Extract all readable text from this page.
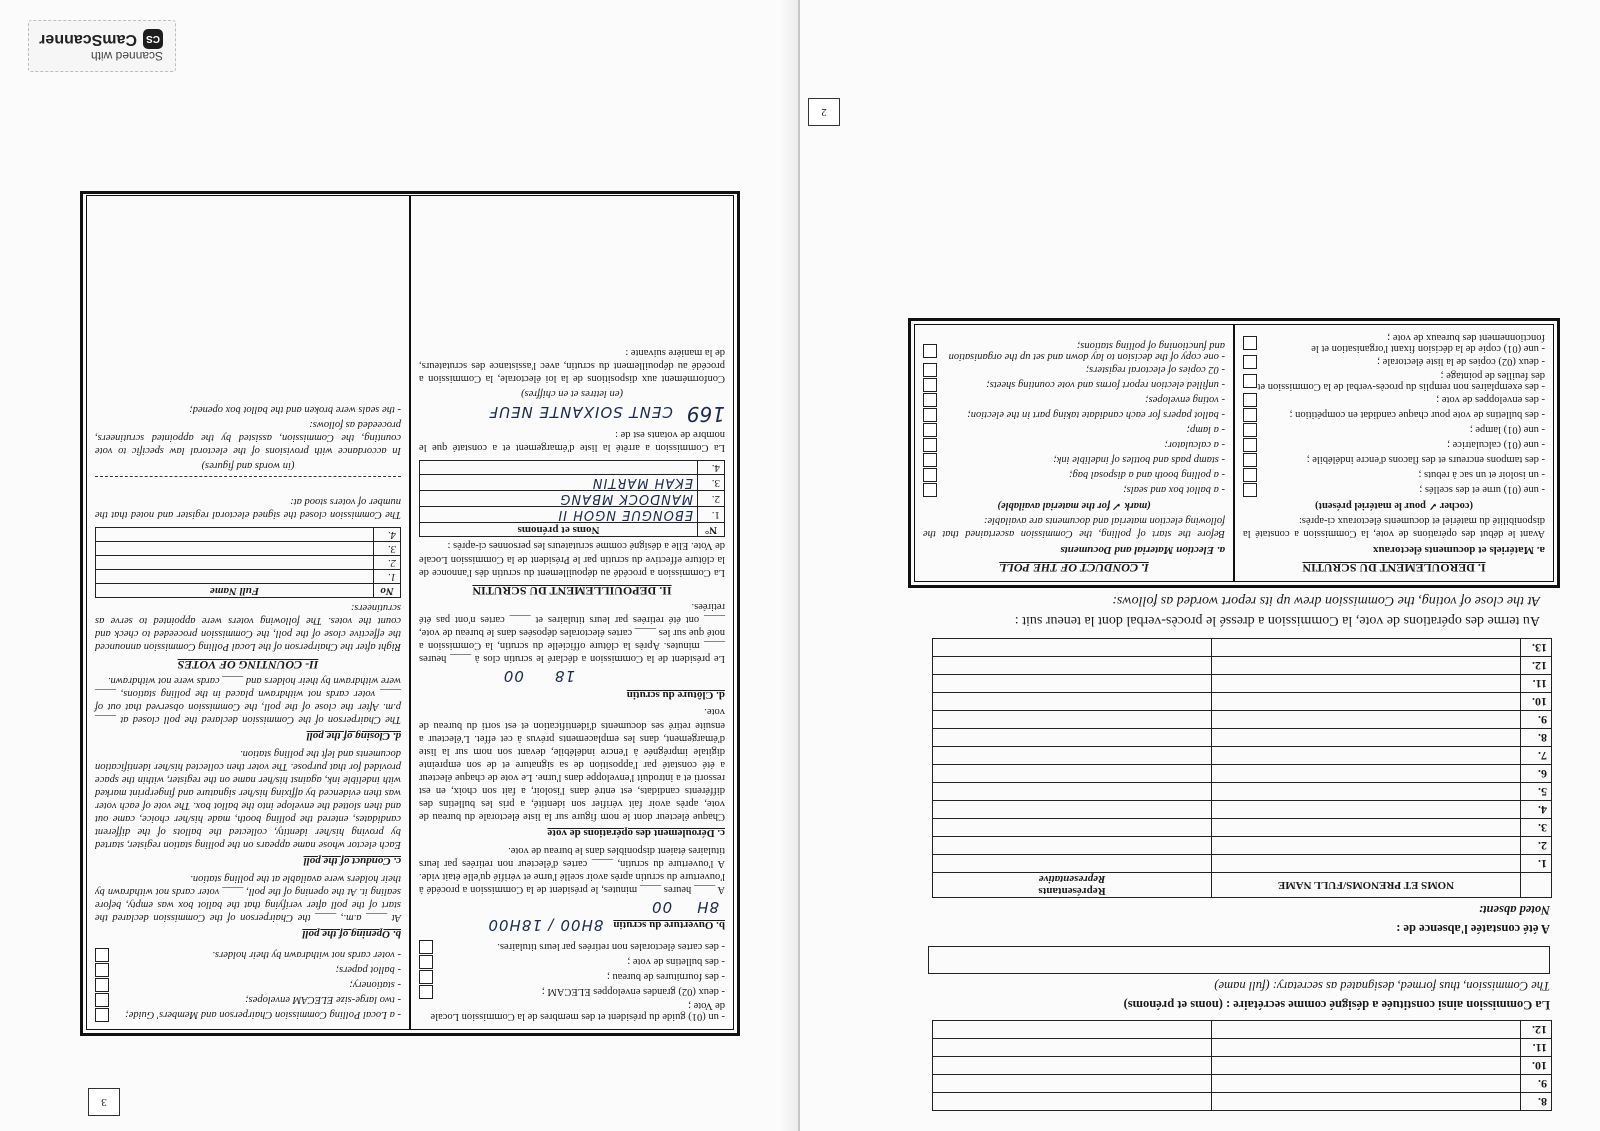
Scanned with
CS
CamScanner
8.		
9.		
10.		
11.		
12.		
La Commission ainsi constituée a désigné comme secrétaire : (noms et prénoms)
The Commission, thus formed, designated as secretary: (full name)
A été constatée l'absence de :
Noted absent:
	NOMS ET PRENOMS/FULL NAME	Représentants
Representative

1.		
2.		
3.		
4.		
5.		
6.		
7.		
8.		
9.		
10.		
11.		
12.		
13.		
Au terme des opérations de vote, la Commission a dressé le procès-verbal dont la teneur suit :
At the close of voting, the Commission drew up its report worded as follows:
I. DEROULEMENT DU SCRUTIN
a. Matériels et documents électoraux

Avant le début des opérations de vote, la Commission a constaté la disponibilité du matériel et documents électoraux ci-après:

(cocher ✓ pour le matériel présent)

- une (01) urne et des scellés ;
- un isoloir et un sac à rebuts ;
- des tampons encreurs et des flacons d'encre indélébile ;
- une (01) calculatrice ;
- une (01) lampe ;
- des bulletins de vote pour chaque candidat en compétition ;
- des enveloppes de vote ;
- des exemplaires non remplis du procès-verbal de la Commission et des feuilles de pointage ;
- deux (02) copies de la liste électorale ;
- une (01) copie de la décision fixant l'organisation et le fonctionnement des bureaux de vote ;
I. CONDUCT OF THE POLL
a. Election Material and Documents

Before the start of polling, the Commission ascertained that the following election material and documents are available:

(mark ✓ for the material available)

- a ballot box and seals;
- a polling booth and a disposal bag;
- stamp pads and bottles of indelible ink;
- a calculator;
- a lamp;
- ballot papers for each candidate taking part in the election;
- voting envelopes;
- unfilled election report forms and vote counting sheets;
- 02 copies of electoral registers;
- one copy of the decision to lay down and set up the organisation and functioning of polling stations;
2
- un (01) guide du président et des membres de la Commission Locale de Vote ;
- deux (02) grandes enveloppes ELECAM ;
- des fournitures de bureau ;
- des bulletins de vote ;
- des cartes électorales non retirées par leurs titulaires.
b. Ouverture du scrutin
8H00 / 18H00
8H
00

A ____ heures ____ minutes, le président de la Commission a procédé à l'ouverture du scrutin après avoir scellé l'urne et vérifié qu'elle était vide. A l'ouverture du scrutin, ____ cartes d'électeur non retirées par leurs titulaires étaient disponibles dans le bureau de vote.

c. Déroulement des opérations de vote

Chaque électeur dont le nom figure sur la liste électorale du bureau de vote, après avoir fait vérifier son identité, a pris les bulletins des différents candidats, est entré dans l'isoloir, a fait son choix, en est ressorti et a introduit l'enveloppe dans l'urne. Le vote de chaque électeur a été constaté par l'apposition de sa signature et de son empreinte digitale imprégnée à l'encre indélébile, devant son nom sur la liste d'émargement, dans les emplacements prévus à cet effet. L'électeur a ensuite retiré ses documents d'identification et est sorti du bureau de vote.

d. Clôture du scrutin
18
00

Le président de la Commission a déclaré le scrutin clos à ____ heures ____ minutes. Après la clôture officielle du scrutin, la Commission a noté que sur les ____ cartes électorales déposées dans le bureau de vote, ____ ont été retirées par leurs titulaires et ____ cartes n'ont pas été retirées.

II. DEPOUILLEMENT DU SCRUTIN

La Commission a procédé au dépouillement du scrutin dès l'annonce de la clôture effective du scrutin par le Président de la Commission Locale de Vote. Elle a désigné comme scrutateurs les personnes ci-après :

N°	Noms et prénoms
1.	EBONGUE NGOH II
2.	MANDOCK MBANG
3.	EKAH MARTIN
4.	

La Commission a arrêté la liste d'émargement et a constaté que le nombre de votants est de :

169
CENT SOIXANTE NEUF

(en lettres et en chiffres)

Conformément aux dispositions de la loi électorale, la Commission a procédé au dépouillement du scrutin, avec l'assistance des scrutateurs, de la manière suivante :

- a Local Polling Commission Chairperson and Members' Guide;
- two large-size ELECAM envelopes;
- stationery;
- ballot papers;
- voter cards not withdrawn by their holders.
b. Opening of the poll

At ____ a.m., ____ the Chairperson of the Commission declared the start of the poll after verifying that the ballot box was empty, before sealing it. At the opening of the poll, ____ voter cards not withdrawn by their holders were available at the polling station.

c. Conduct of the poll

Each elector whose name appears on the polling station register, started by proving his/her identity, collected the ballots of the different candidates, entered the polling booth, made his/her choice, came out and then slotted the envelope into the ballot box. The vote of each voter was then evidenced by affixing his/her signature and fingerprint marked with indelible ink, against his/her name on the register, within the space provided for that purpose. The voter then collected his/her identification documents and left the polling station.

d. Closing of the poll

The Chairperson of the Commission declared the poll closed at ____ p.m. After the close of the poll, the Commission observed that out of ____ voter cards not withdrawn placed in the polling stations, ____ were withdrawn by their holders and ____ cards were not withdrawn.

II- COUNTING OF VOTES

Right after the Chairperson of the Local Polling Commission announced the effective close of the poll, the Commission proceeded to check and count the votes. The following voters were appointed to serve as scrutineers:

No	Full Name
1.	
2.	
3.	
4.	

The Commission closed the signed electoral register and noted that the number of voters stood at:

(in words and figures)

In accordance with provisions of the electoral law specific to vote counting, the Commission, assisted by the appointed scrutineers, proceeded as follows:

- the seals were broken and the ballot box opened;

3
